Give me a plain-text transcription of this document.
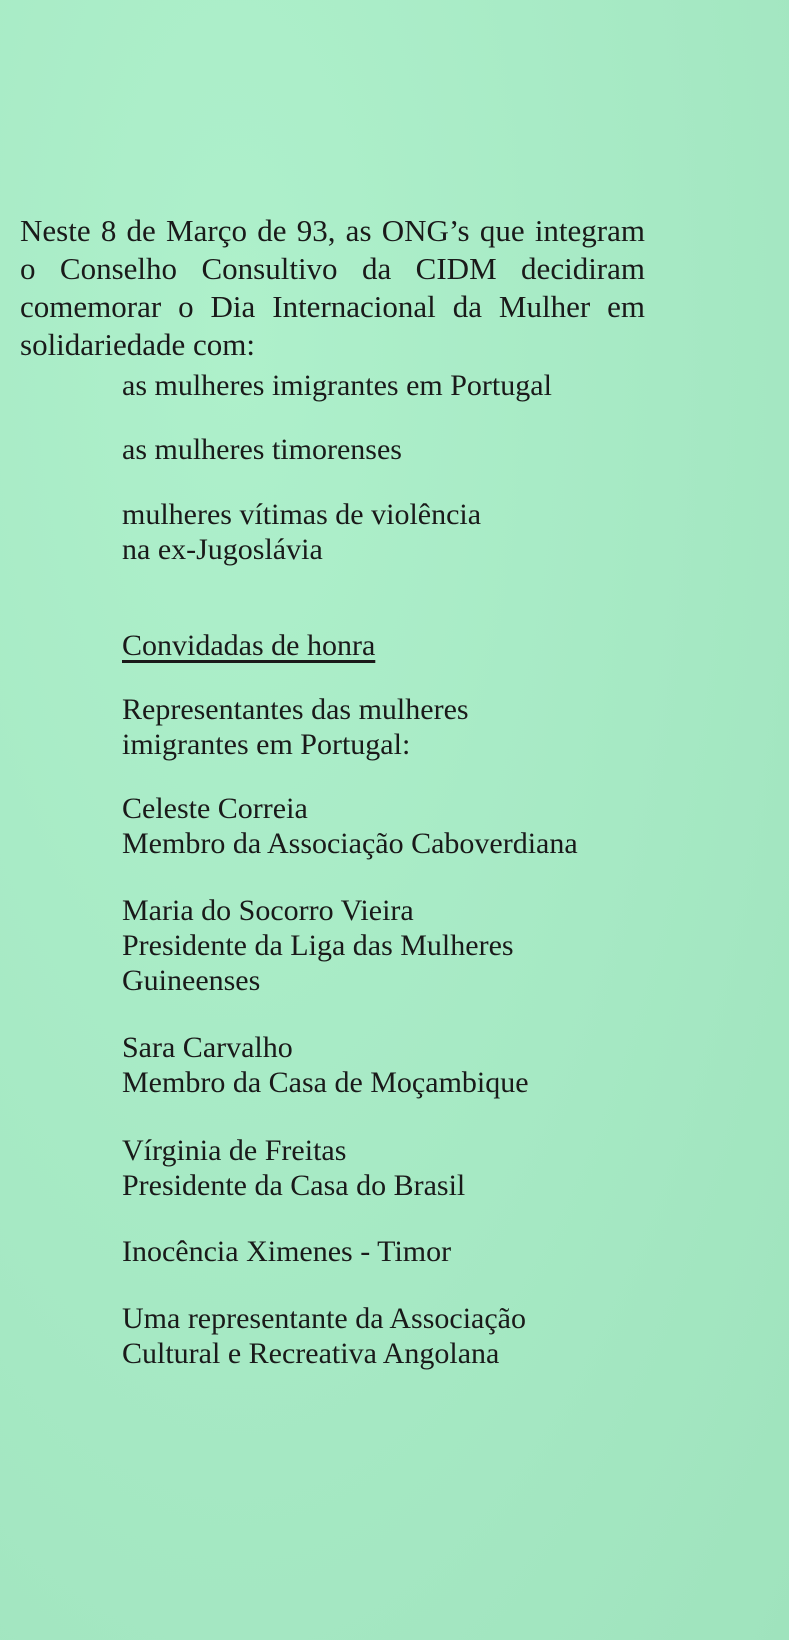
Neste 8 de Março de 93, as ONG’s que integram o Conselho Consultivo da CIDM decidiram comemorar o Dia Internacional da Mulher em solidariedade com:

as mulheres imigrantes em Portugal
as mulheres timorenses
mulheres vítimas de violência
na ex-Jugoslávia
Convidadas de honra
Representantes das mulheres
imigrantes em Portugal:
Celeste Correia
Membro da Associação Caboverdiana
Maria do Socorro Vieira
Presidente da Liga das Mulheres
Guineenses
Sara Carvalho
Membro da Casa de Moçambique
Vírginia de Freitas
Presidente da Casa do Brasil
Inocência Ximenes - Timor
Uma representante da Associação
Cultural e Recreativa Angolana
